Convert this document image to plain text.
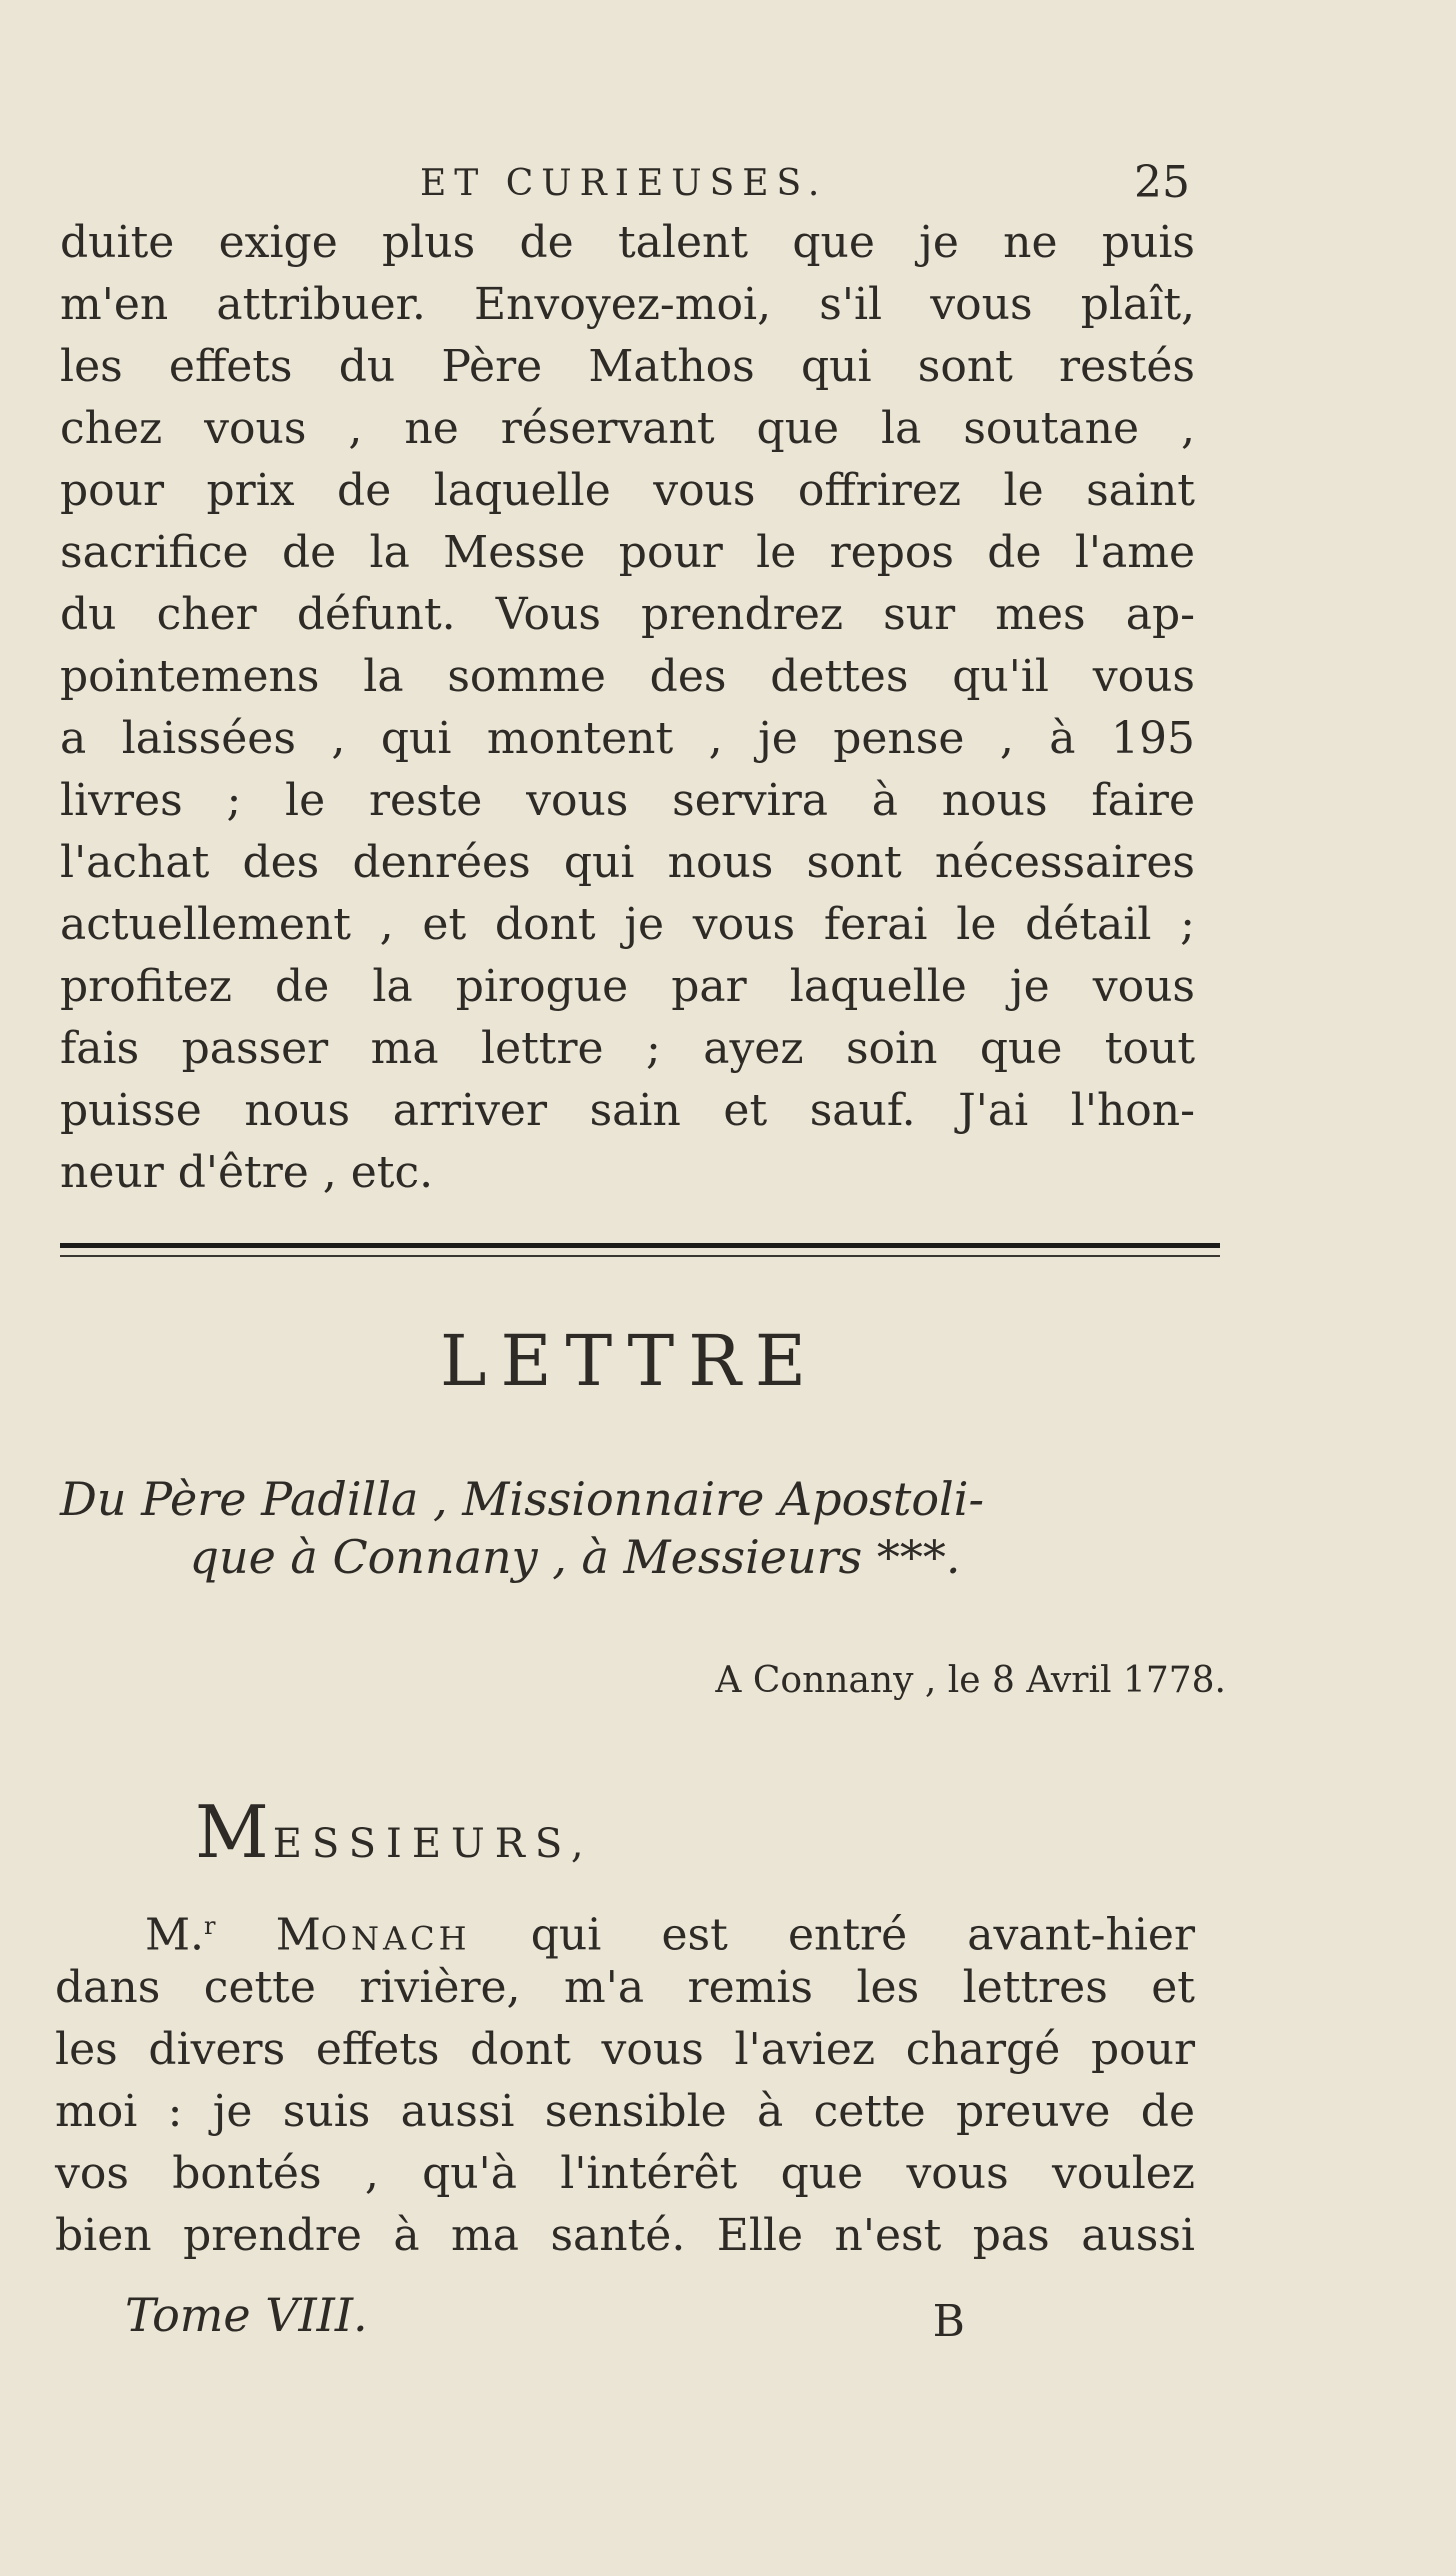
ET CURIEUSES.	25
duite exige plus de talent que je ne puis
m'en attribuer. Envoyez-moi, s'il vous plaît,
les effets du Père Mathos qui sont restés
chez vous , ne réservant que la soutane ,
pour prix de laquelle vous offrirez le saint
sacrifice de la Messe pour le repos de l'ame
du cher défunt. Vous prendrez sur mes ap-
pointemens la somme des dettes qu'il vous
a laissées , qui montent , je pense , à 195
livres ; le reste vous servira à nous faire
l'achat des denrées qui nous sont nécessaires
actuellement , et dont je vous ferai le détail ;
profitez de la pirogue par laquelle je vous
fais passer ma lettre ; ayez soin que tout
puisse nous arriver sain et sauf. J'ai l'hon-
neur d'être , etc.
LETTRE
Du Père Padilla , Missionnaire Apostoli-
que à Connany , à Messieurs ***.
A Connany , le 8 Avril 1778.
MESSIEURS,
M.$^r$ MONACH qui est entré avant-hier
dans cette rivière, m'a remis les lettres et
les divers effets dont vous l'aviez chargé pour
moi : je suis aussi sensible à cette preuve de
vos bontés , qu'à l'intérêt que vous voulez
bien prendre à ma santé. Elle n'est pas aussi
Tome VIII.	B
